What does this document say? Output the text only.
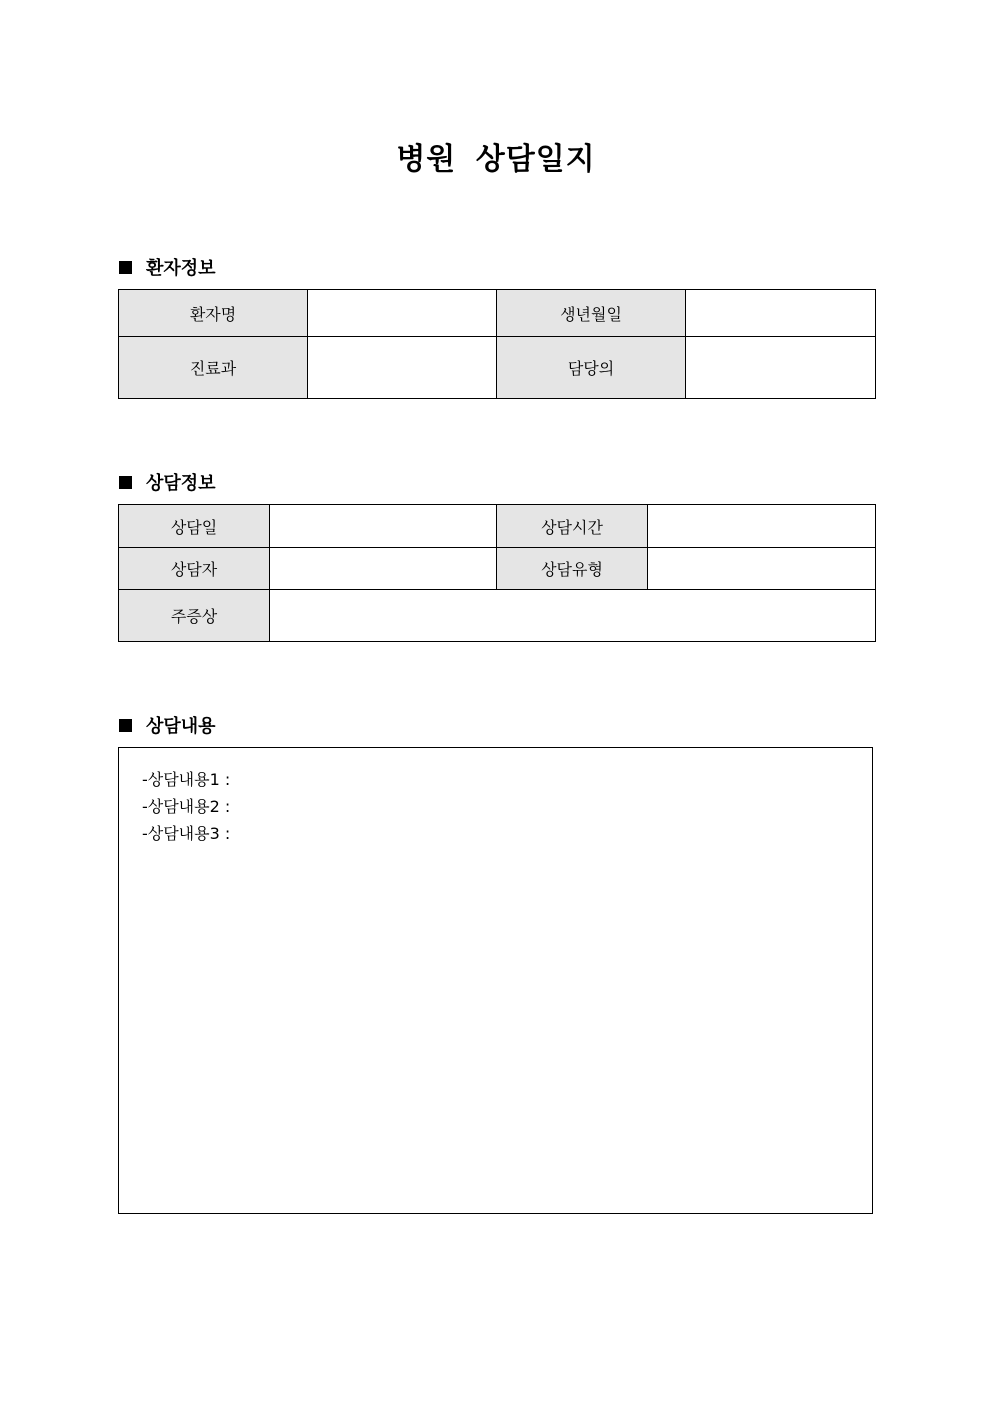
병원 상담일지
환자정보
환자명		생년월일	
진료과		담당의	
상담정보
상담일		상담시간	
상담자		상담유형	
주증상			
상담내용
-상담내용1 :
-상담내용2 :
-상담내용3 :
